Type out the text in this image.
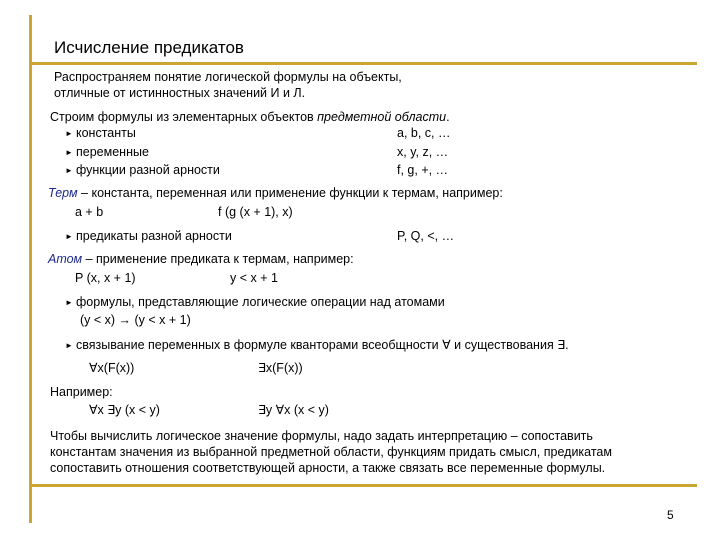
Исчисление предикатов
Распространяем понятие логической формулы на объекты,
отличные от истинностных значений И и Л.
Строим формулы из элементарных объектов предметной области.
► константы	a, b, c, …
► переменные	x, y, z, …
► функции разной арности	f, g, +, …
Терм – константа, переменная или применение функции к термам, например:
a + b	f (g (x + 1), x)
► предикаты разной арности	P, Q, <, …
Атом – применение предиката к термам, например:
P (x, x + 1)	y < x + 1
► формулы, представляющие логические операции над атомами
(y < x) → (y < x + 1)
► связывание переменных в формуле кванторами всеобщности ∀ и существования ∃.
∀x(F(x))	∃x(F(x))
Например:
∀x ∃y (x < y)	∃y ∀x (x < y)
Чтобы вычислить логическое значение формулы, надо задать интерпретацию – сопоставить
константам значения из выбранной предметной области, функциям придать смысл, предикатам
сопоставить отношения соответствующей арности, а также связать все переменные формулы.
5
